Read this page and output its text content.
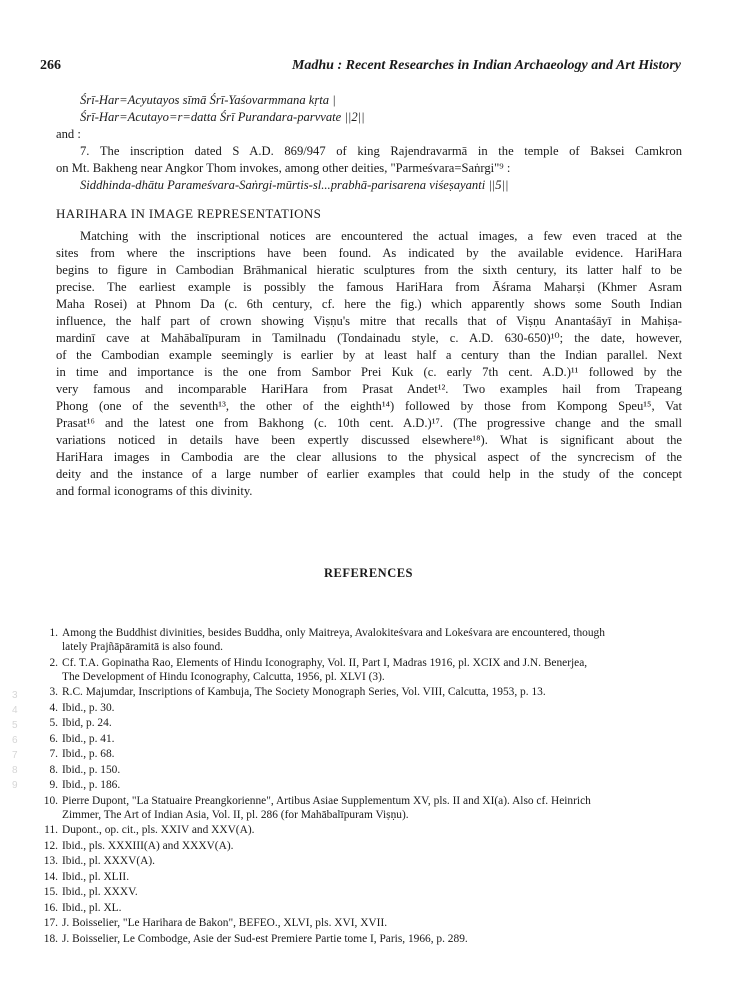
266	Madhu : Recent Researches in Indian Archaeology and Art History
Śrī-Har=Acyutayos sīmā Śrī-Yaśovarmmana kṛta |
Śrī-Har=Acutayo=r=datta Śrī Purandara-parvvate ||2||
and :
7. The inscription dated S A.D. 869/947 of king Rajendravarmā in the temple of Baksei Camkron
on Mt. Bakheng near Angkor Thom invokes, among other deities, "Parmeśvara=Saṅrgi"⁹ :
Siddhinda-dhātu Parameśvara-Saṅrgi-mūrtis-sl...prabhā-parisarena viśeṣayanti ||5||
HARIHARA IN IMAGE REPRESENTATIONS
Matching with the inscriptional notices are encountered the actual images, a few even traced at the
sites from where the inscriptions have been found. As indicated by the available evidence. HariHara
begins to figure in Cambodian Brāhmanical hieratic sculptures from the sixth century, its latter half to be
precise. The earliest example is possibly the famous HariHara from Āśrama Maharṣi (Khmer Asram
Maha Rosei) at Phnom Da (c. 6th century, cf. here the fig.) which apparently shows some South Indian
influence, the half part of crown showing Viṣṇu's mitre that recalls that of Viṣṇu Anantaśāyī in Mahiṣa-
mardinī cave at Mahābalīpuram in Tamilnadu (Tondainadu style, c. A.D. 630-650)¹⁰; the date, however,
of the Cambodian example seemingly is earlier by at least half a century than the Indian parallel. Next
in time and importance is the one from Sambor Prei Kuk (c. early 7th cent. A.D.)¹¹ followed by the
very famous and incomparable HariHara from Prasat Andet¹². Two examples hail from Trapeang
Phong (one of the seventh¹³, the other of the eighth¹⁴) followed by those from Kompong Speu¹⁵, Vat
Prasat¹⁶ and the latest one from Bakhong (c. 10th cent. A.D.)¹⁷. (The progressive change and the small
variations noticed in details have been expertly discussed elsewhere¹⁸). What is significant about the
HariHara images in Cambodia are the clear allusions to the physical aspect of the syncrecism of the
deity and the instance of a large number of earlier examples that could help in the study of the concept
and formal iconograms of this divinity.
REFERENCES
1. Among the Buddhist divinities, besides Buddha, only Maitreya, Avalokiteśvara and Lokeśvara are encountered, though
lately Prajñāpāramitā is also found.
2. Cf. T.A. Gopinatha Rao, Elements of Hindu Iconography, Vol. II, Part I, Madras 1916, pl. XCIX and J.N. Benerjea,
The Development of Hindu Iconography, Calcutta, 1956, pl. XLVI (3).
3. R.C. Majumdar, Inscriptions of Kambuja, The Society Monograph Series, Vol. VIII, Calcutta, 1953, p. 13.
4. Ibid., p. 30.
5. Ibid, p. 24.
6. Ibid., p. 41.
7. Ibid., p. 68.
8. Ibid., p. 150.
9. Ibid., p. 186.
10. Pierre Dupont, "La Statuaire Preangkorienne", Artibus Asiae Supplementum XV, pls. II and XI(a). Also cf. Heinrich
Zimmer, The Art of Indian Asia, Vol. II, pl. 286 (for Mahābalīpuram Viṣṇu).
11. Dupont., op. cit., pls. XXIV and XXV(A).
12. Ibid., pls. XXXIII(A) and XXXV(A).
13. Ibid., pl. XXXV(A).
14. Ibid., pl. XLII.
15. Ibid., pl. XXXV.
16. Ibid., pl. XL.
17. J. Boisselier, "Le Harihara de Bakon", BEFEO., XLVI, pls. XVI, XVII.
18. J. Boisselier, Le Combodge, Asie der Sud-est Premiere Partie tome I, Paris, 1966, p. 289.
3
4
5
6
7
8
9
